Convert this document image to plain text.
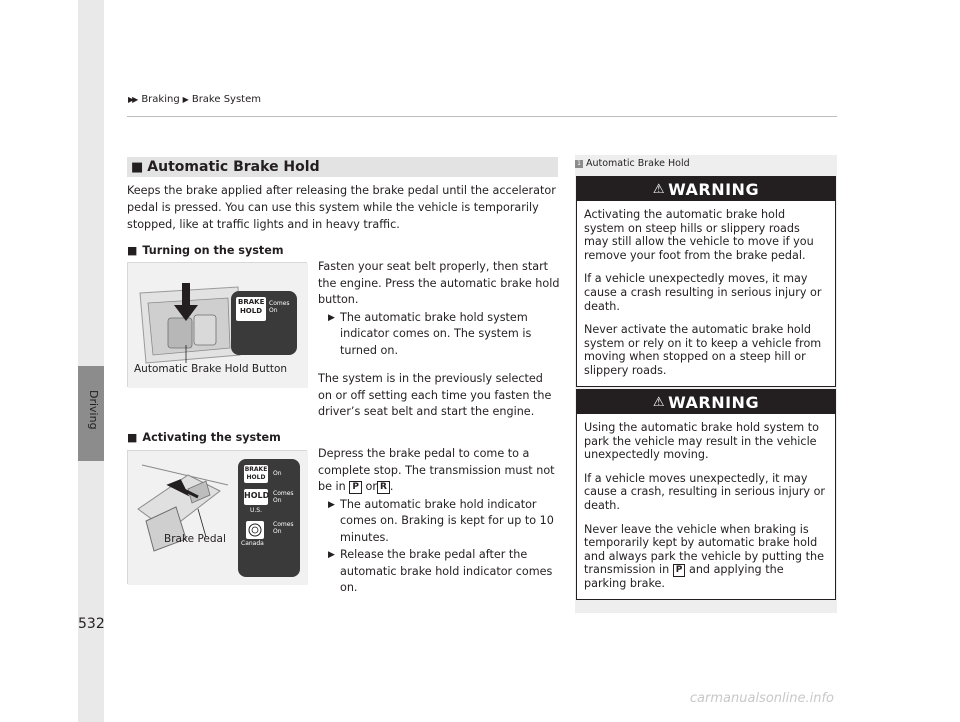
Driving
▶▶ Braking ▶ Brake System
■ Automatic Brake Hold
Keeps the brake applied after releasing the brake pedal until the accelerator pedal is pressed. You can use this system while the vehicle is temporarily stopped, like at traffic lights and in heavy traffic.
■ Turning on the system
BRAKE
HOLD
Comes
On
Automatic Brake Hold Button

Fasten your seat belt properly, then start the engine. Press the automatic brake hold button.

▶ The automatic brake hold system indicator comes on. The system is turned on.

The system is in the previously selected on or off setting each time you fasten the driver’s seat belt and start the engine.

■ Activating the system
BRAKE
HOLD
On
HOLD
U.S.
Comes
On
Canada
Comes
On
Brake Pedal

Depress the brake pedal to come to a complete stop. The transmission must not be in P or R .

▶ The automatic brake hold indicator comes on. Braking is kept for up to 10 minutes.
▶ Release the brake pedal after the automatic brake hold indicator comes on.
1 Automatic Brake Hold
⚠ WARNING

Activating the automatic brake hold system on steep hills or slippery roads may still allow the vehicle to move if you remove your foot from the brake pedal.

If a vehicle unexpectedly moves, it may cause a crash resulting in serious injury or death.

Never activate the automatic brake hold system or rely on it to keep a vehicle from moving when stopped on a steep hill or slippery roads.

⚠ WARNING

Using the automatic brake hold system to park the vehicle may result in the vehicle unexpectedly moving.

If a vehicle moves unexpectedly, it may cause a crash, resulting in serious injury or death.

Never leave the vehicle when braking is temporarily kept by automatic brake hold and always park the vehicle by putting the transmission in P and applying the parking brake.

532
carmanualsonline.info
